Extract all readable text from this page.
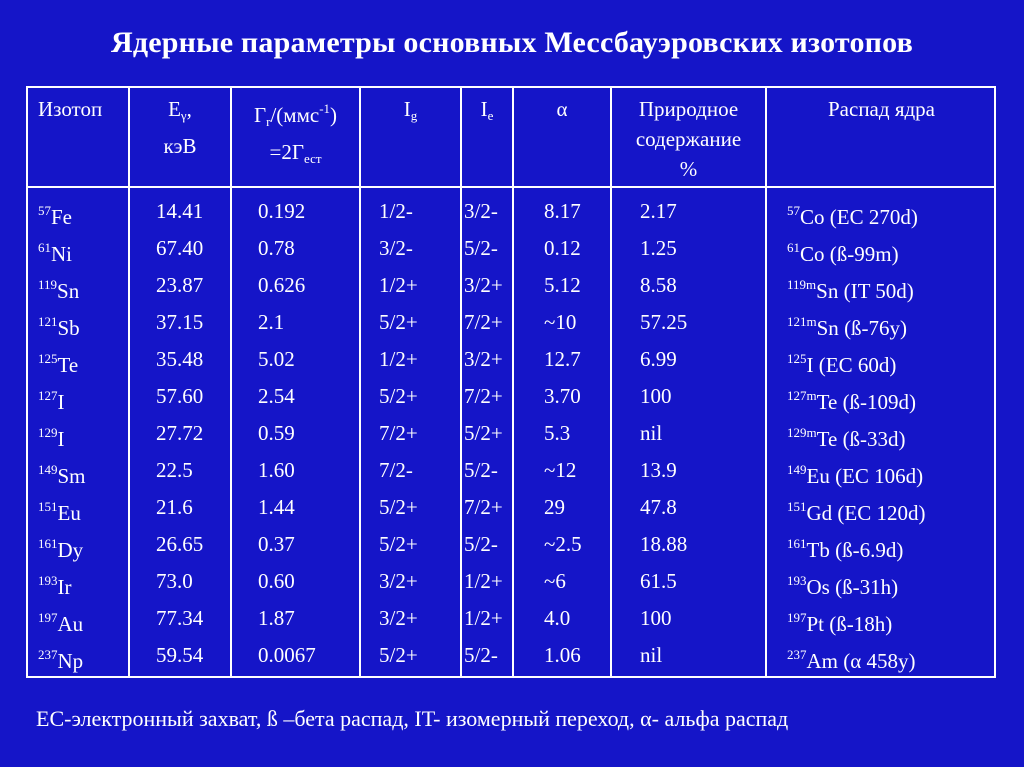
Ядерные параметры основных Мессбауэровских изотопов
Изотоп
$^{57}$Fe
$^{61}$Ni
$^{119}$Sn
$^{121}$Sb
$^{125}$Te
$^{127}$I
$^{129}$I
$^{149}$Sm
$^{151}$Eu
$^{161}$Dy
$^{193}$Ir
$^{197}$Au
$^{237}$Np
$E_\gamma$,
кэВ
14.41
67.40
23.87
37.15
35.48
57.60
27.72
22.5
21.6
26.65
73.0
77.34
59.54
$Г_r/(ммс^{-1})$
$=2Г_{ест}$
0.192
0.78
0.626
2.1
5.02
2.54
0.59
1.60
1.44
0.37
0.60
1.87
0.0067
$I_g$
1/2-
3/2-
1/2+
5/2+
1/2+
5/2+
7/2+
7/2-
5/2+
5/2+
3/2+
3/2+
5/2+
$I_e$
3/2-
5/2-
3/2+
7/2+
3/2+
7/2+
5/2+
5/2-
7/2+
5/2-
1/2+
1/2+
5/2-
α
8.17
0.12
5.12
~10
12.7
3.70
5.3
~12
29
~2.5
~6
4.0
1.06
Природное
содержание
%
2.17
1.25
8.58
57.25
6.99
100
nil
13.9
47.8
18.88
61.5
100
nil
Распад ядра
$^{57}$Co (EC 270d)
$^{61}$Co (ß-99m)
$^{119m}$Sn (IT 50d)
$^{121m}$Sn (ß-76y)
$^{125}$I (EC 60d)
$^{127m}$Te (ß-109d)
$^{129m}$Te (ß-33d)
$^{149}$Eu (EC 106d)
$^{151}$Gd (EC 120d)
$^{161}$Tb (ß-6.9d)
$^{193}$Os (ß-31h)
$^{197}$Pt (ß-18h)
$^{237}$Am (α 458y)
EC-электронный захват, ß –бета распад, IT- изомерный переход, α- альфа распад
